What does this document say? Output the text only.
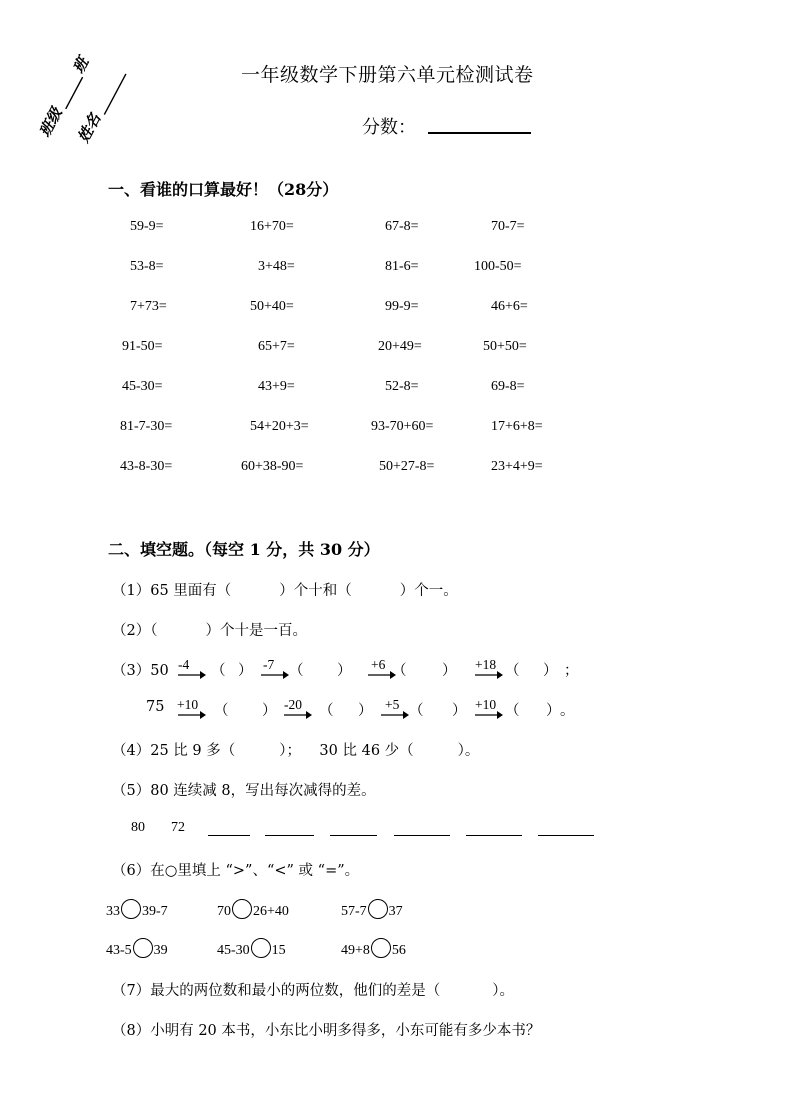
班级
班
姓名
一年级数学下册第六单元检测试卷
分数：
一、看谁的口算最好！（28分）
59-9=	16+70=	67-8=	70-7=
53-8=	3+48=	81-6=	100-50=
7+73=	50+40=	99-9=	46+6=
91-50=	65+7=	20+49=	50+50=
45-30=	43+9=	52-8=	69-8=
81-7-30=	54+20+3=	93-70+60=	17+6+8=
43-8-30=	60+38-90=	50+27-8=	23+4+9=
二、填空题。（每空 1 分，共 30 分）
（1）65 里面有（	）个十和（	）个一。
（2）（	）个十是一百。
（3）50 -4 （ ） -7 （ ） +6 （ ） +18 （ ） ；
75 +10 （ ） -20 （ ） +5 （ ） +10 （ ） 。
（4）25 比 9 多（	）； 30 比 46 少（	）。
（5）80 连续减 8，写出每次减得的差。
80 72
（6）在○里填上 “>”、“<” 或 “=”。
33 39-7	70 26+40	57-7 37
43-5 39	45-30 15	49+8 56
（7）最大的两位数和最小的两位数，他们的差是（	）。
（8）小明有 20 本书，小东比小明多得多，小东可能有多少本书？
